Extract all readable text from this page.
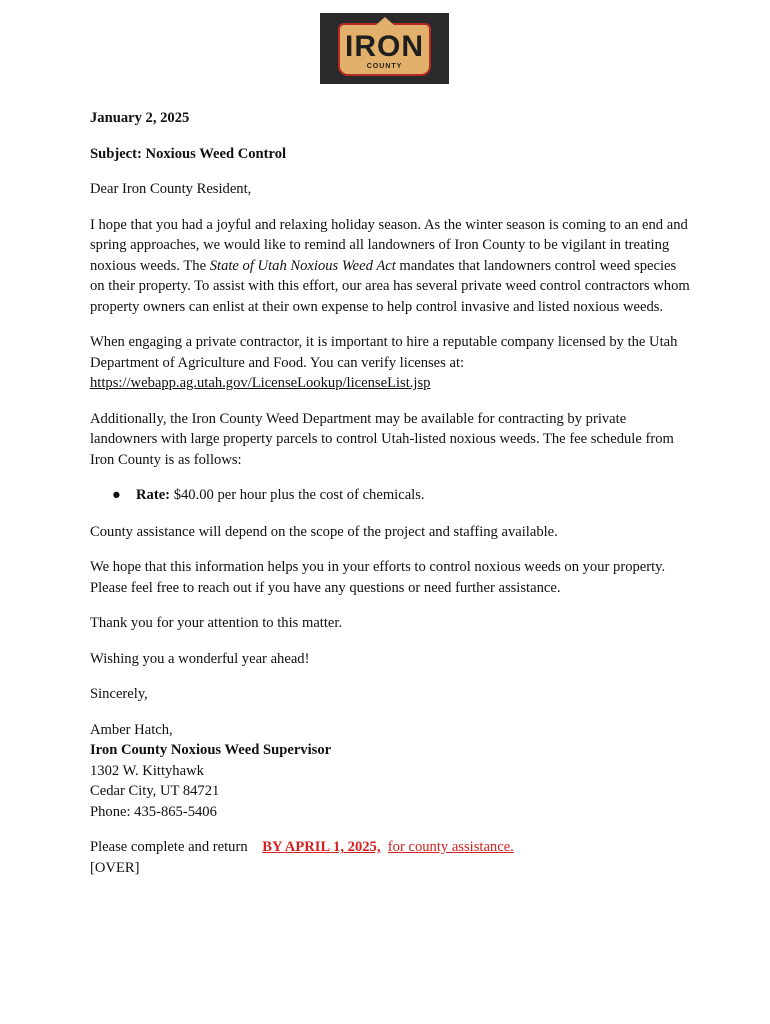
IRON
COUNTY
EST. 1850

January 2, 2025

Subject: Noxious Weed Control

Dear Iron County Resident,

I hope that you had a joyful and relaxing holiday season. As the winter season is coming to an end and spring approaches, we would like to remind all landowners of Iron County to be vigilant in treating noxious weeds. The State of Utah Noxious Weed Act mandates that landowners control weed species on their property. To assist with this effort, our area has several private weed control contractors whom property owners can enlist at their own expense to help control invasive and listed noxious weeds.

When engaging a private contractor, it is important to hire a reputable company licensed by the Utah Department of Agriculture and Food. You can verify licenses at:
https://webapp.ag.utah.gov/LicenseLookup/licenseList.jsp

Additionally, the Iron County Weed Department may be available for contracting by private landowners with large property parcels to control Utah-listed noxious weeds. The fee schedule from Iron County is as follows:

● Rate: $40.00 per hour plus the cost of chemicals.

County assistance will depend on the scope of the project and staffing available.

We hope that this information helps you in your efforts to control noxious weeds on your property. Please feel free to reach out if you have any questions or need further assistance.

Thank you for your attention to this matter.

Wishing you a wonderful year ahead!

Sincerely,

Amber Hatch,
Iron County Noxious Weed Supervisor
1302 W. Kittyhawk
Cedar City, UT 84721
Phone: 435-865-5406
Please complete and return BY APRIL 1, 2025, for county assistance.
[OVER]
